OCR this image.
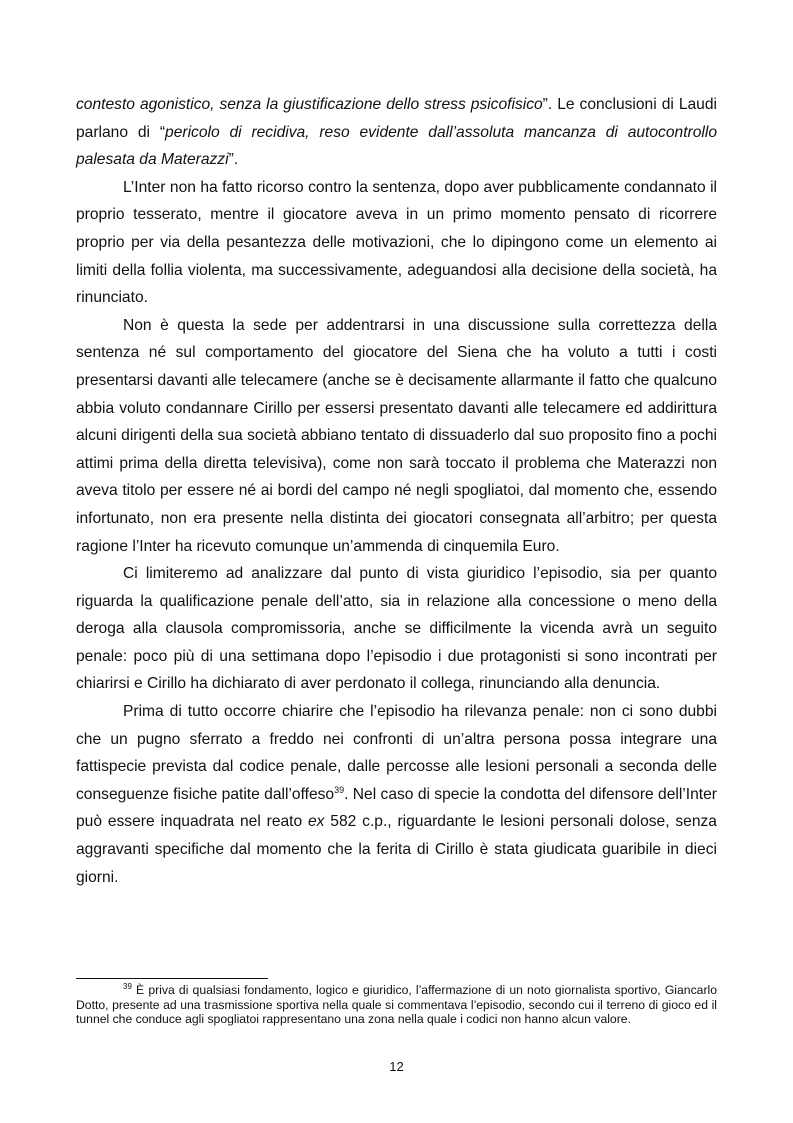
contesto agonistico, senza la giustificazione dello stress psicofisico”. Le conclusioni di Laudi parlano di “pericolo di recidiva, reso evidente dall’assoluta mancanza di autocontrollo palesata da Materazzi”.

L’Inter non ha fatto ricorso contro la sentenza, dopo aver pubblicamente condannato il proprio tesserato, mentre il giocatore aveva in un primo momento pensato di ricorrere proprio per via della pesantezza delle motivazioni, che lo dipingono come un elemento ai limiti della follia violenta, ma successivamente, adeguandosi alla decisione della società, ha rinunciato.

Non è questa la sede per addentrarsi in una discussione sulla correttezza della sentenza né sul comportamento del giocatore del Siena che ha voluto a tutti i costi presentarsi davanti alle telecamere (anche se è decisamente allarmante il fatto che qualcuno abbia voluto condannare Cirillo per essersi presentato davanti alle telecamere ed addirittura alcuni dirigenti della sua società abbiano tentato di dissuaderlo dal suo proposito fino a pochi attimi prima della diretta televisiva), come non sarà toccato il problema che Materazzi non aveva titolo per essere né ai bordi del campo né negli spogliatoi, dal momento che, essendo infortunato, non era presente nella distinta dei giocatori consegnata all’arbitro; per questa ragione l’Inter ha ricevuto comunque un’ammenda di cinquemila Euro.

Ci limiteremo ad analizzare dal punto di vista giuridico l’episodio, sia per quanto riguarda la qualificazione penale dell’atto, sia in relazione alla concessione o meno della deroga alla clausola compromissoria, anche se difficilmente la vicenda avrà un seguito penale: poco più di una settimana dopo l’episodio i due protagonisti si sono incontrati per chiarirsi e Cirillo ha dichiarato di aver perdonato il collega, rinunciando alla denuncia.

Prima di tutto occorre chiarire che l’episodio ha rilevanza penale: non ci sono dubbi che un pugno sferrato a freddo nei confronti di un’altra persona possa integrare una fattispecie prevista dal codice penale, dalle percosse alle lesioni personali a seconda delle conseguenze fisiche patite dall’offeso$^{39}$. Nel caso di specie la condotta del difensore dell’Inter può essere inquadrata nel reato ex 582 c.p., riguardante le lesioni personali dolose, senza aggravanti specifiche dal momento che la ferita di Cirillo è stata giudicata guaribile in dieci giorni.

$^{39}$ È priva di qualsiasi fondamento, logico e giuridico, l’affermazione di un noto giornalista sportivo, Giancarlo Dotto, presente ad una trasmissione sportiva nella quale si commentava l’episodio, secondo cui il terreno di gioco ed il tunnel che conduce agli spogliatoi rappresentano una zona nella quale i codici non hanno alcun valore.

12
